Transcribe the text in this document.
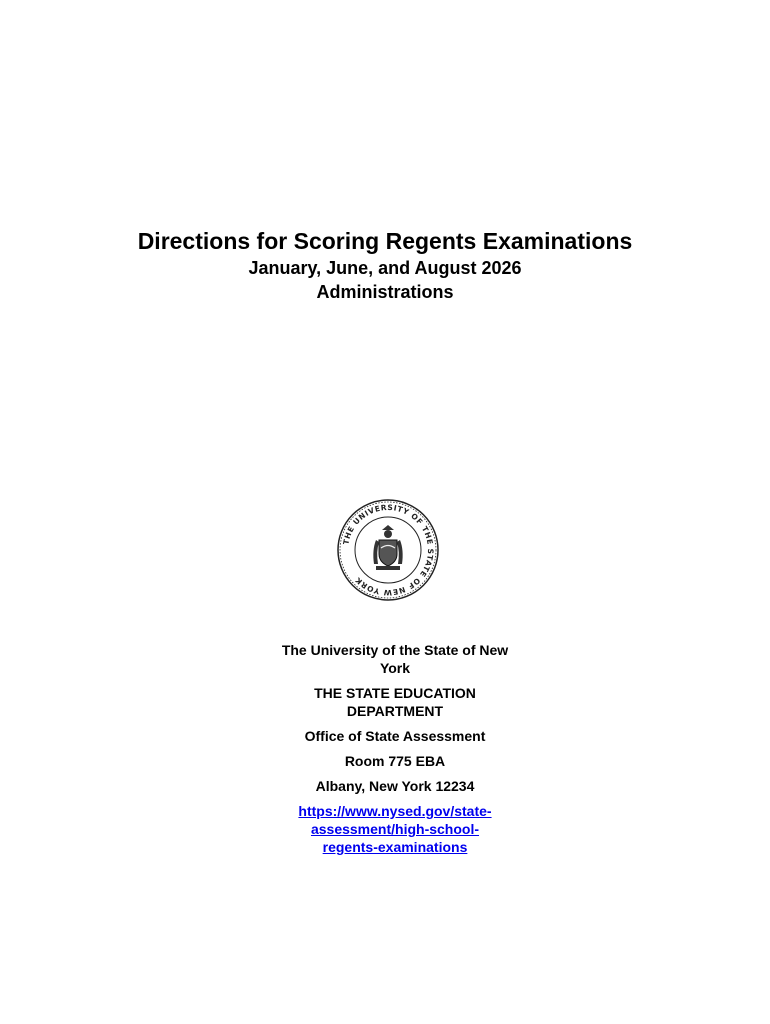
Directions for Scoring Regents Examinations

January, June, and August 2026

Administrations

THE UNIVERSITY OF THE STATE OF NEW YORK

The University of the State of New York

THE STATE EDUCATION DEPARTMENT

Office of State Assessment

Room 775 EBA

Albany, New York 12234

https://www.nysed.gov/state-
assessment/high-school-
regents-examinations
